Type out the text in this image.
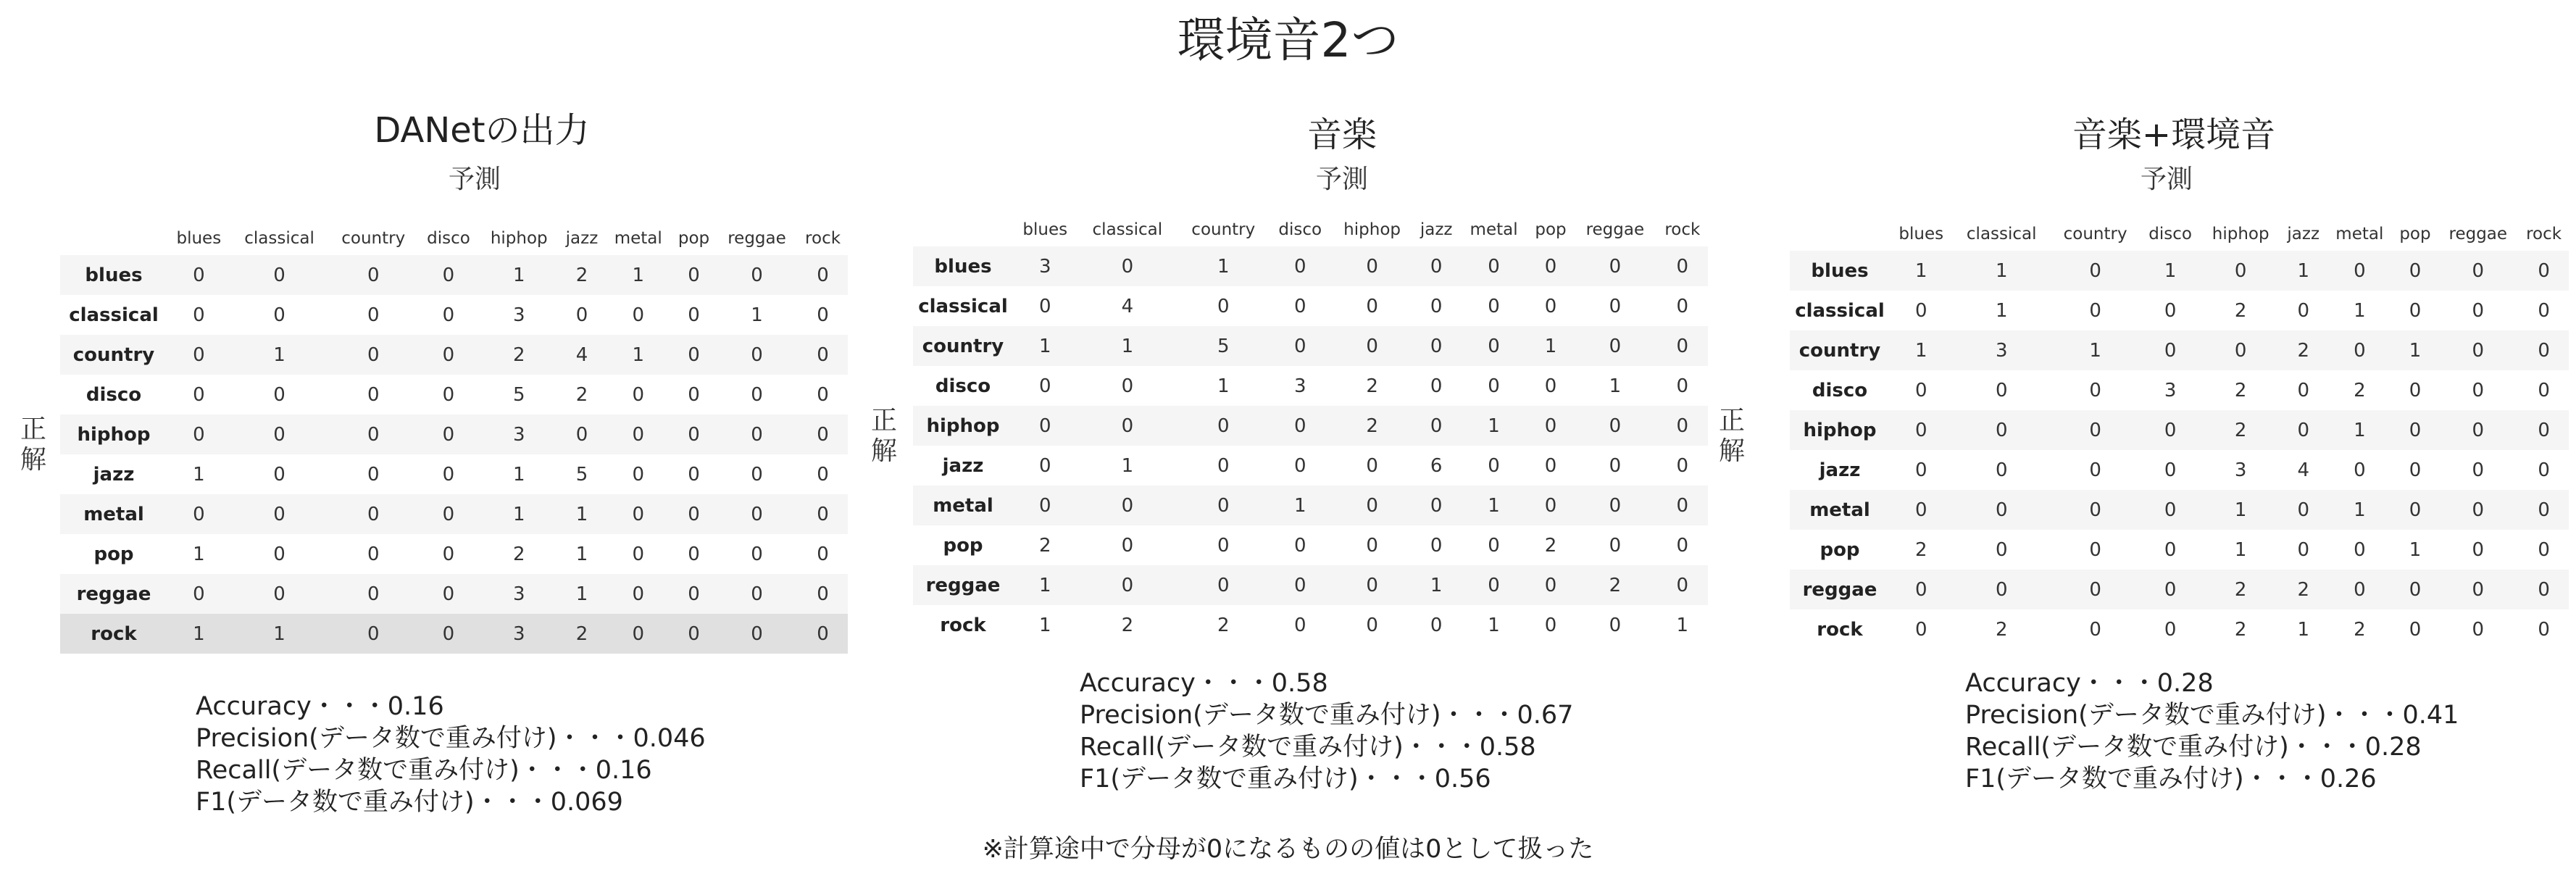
環境音2つ
DANetの出力
予測
正
解
	blues	classical	country	disco	hiphop	jazz	metal	pop	reggae	rock
blues	0	0	0	0	1	2	1	0	0	0
classical	0	0	0	0	3	0	0	0	1	0
country	0	1	0	0	2	4	1	0	0	0
disco	0	0	0	0	5	2	0	0	0	0
hiphop	0	0	0	0	3	0	0	0	0	0
jazz	1	0	0	0	1	5	0	0	0	0
metal	0	0	0	0	1	1	0	0	0	0
pop	1	0	0	0	2	1	0	0	0	0
reggae	0	0	0	0	3	1	0	0	0	0
rock	1	1	0	0	3	2	0	0	0	0
Accuracy・・・0.16
Precision(データ数で重み付け)・・・0.046
Recall(データ数で重み付け)・・・0.16
F1(データ数で重み付け)・・・0.069
音楽
予測
正
解
	blues	classical	country	disco	hiphop	jazz	metal	pop	reggae	rock
blues	3	0	1	0	0	0	0	0	0	0
classical	0	4	0	0	0	0	0	0	0	0
country	1	1	5	0	0	0	0	1	0	0
disco	0	0	1	3	2	0	0	0	1	0
hiphop	0	0	0	0	2	0	1	0	0	0
jazz	0	1	0	0	0	6	0	0	0	0
metal	0	0	0	1	0	0	1	0	0	0
pop	2	0	0	0	0	0	0	2	0	0
reggae	1	0	0	0	0	1	0	0	2	0
rock	1	2	2	0	0	0	1	0	0	1
Accuracy・・・0.58
Precision(データ数で重み付け)・・・0.67
Recall(データ数で重み付け)・・・0.58
F1(データ数で重み付け)・・・0.56
音楽+環境音
予測
正
解
	blues	classical	country	disco	hiphop	jazz	metal	pop	reggae	rock
blues	1	1	0	1	0	1	0	0	0	0
classical	0	1	0	0	2	0	1	0	0	0
country	1	3	1	0	0	2	0	1	0	0
disco	0	0	0	3	2	0	2	0	0	0
hiphop	0	0	0	0	2	0	1	0	0	0
jazz	0	0	0	0	3	4	0	0	0	0
metal	0	0	0	0	1	0	1	0	0	0
pop	2	0	0	0	1	0	0	1	0	0
reggae	0	0	0	0	2	2	0	0	0	0
rock	0	2	0	0	2	1	2	0	0	0
Accuracy・・・0.28
Precision(データ数で重み付け)・・・0.41
Recall(データ数で重み付け)・・・0.28
F1(データ数で重み付け)・・・0.26
※計算途中で分母が0になるものの値は0として扱った
